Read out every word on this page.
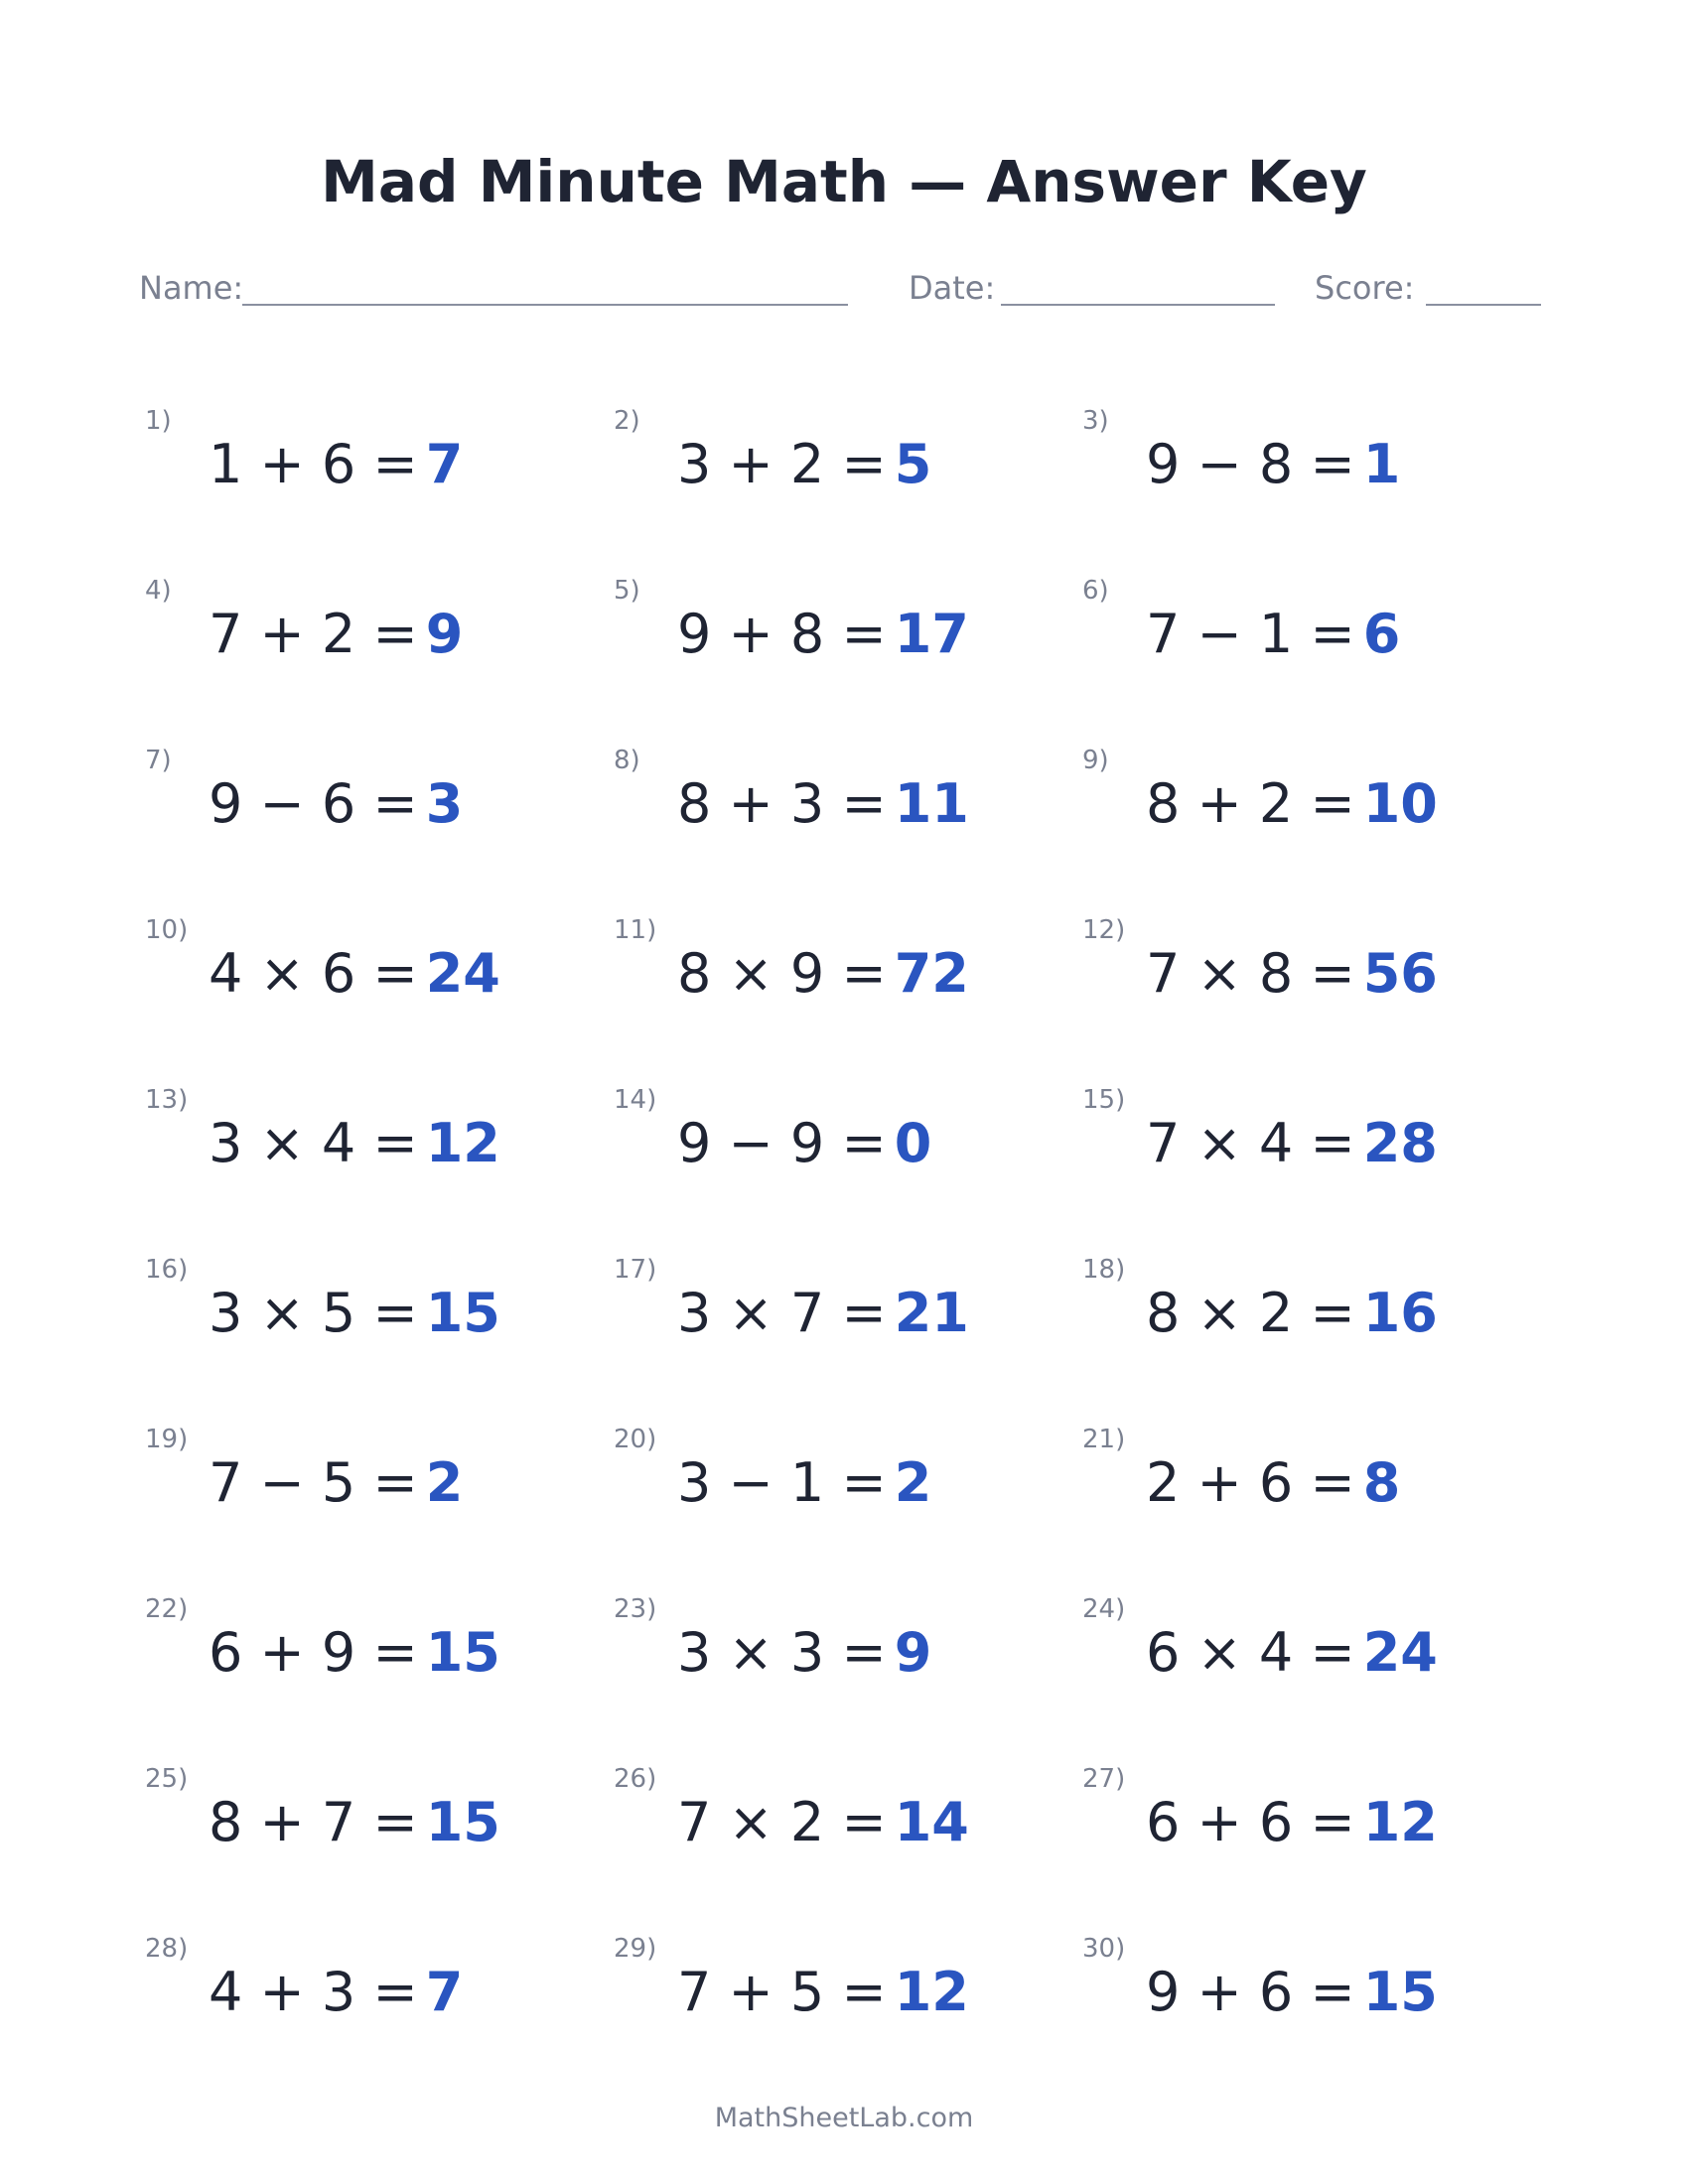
Mad Minute Math — Answer Key
Name:	Date:	Score:
1)
1 + 6 = 7
2)
3 + 2 = 5
3)
9 − 8 = 1
4)
7 + 2 = 9
5)
9 + 8 = 17
6)
7 − 1 = 6
7)
9 − 6 = 3
8)
8 + 3 = 11
9)
8 + 2 = 10
10)
4 × 6 = 24
11)
8 × 9 = 72
12)
7 × 8 = 56
13)
3 × 4 = 12
14)
9 − 9 = 0
15)
7 × 4 = 28
16)
3 × 5 = 15
17)
3 × 7 = 21
18)
8 × 2 = 16
19)
7 − 5 = 2
20)
3 − 1 = 2
21)
2 + 6 = 8
22)
6 + 9 = 15
23)
3 × 3 = 9
24)
6 × 4 = 24
25)
8 + 7 = 15
26)
7 × 2 = 14
27)
6 + 6 = 12
28)
4 + 3 = 7
29)
7 + 5 = 12
30)
9 + 6 = 15
MathSheetLab.com
